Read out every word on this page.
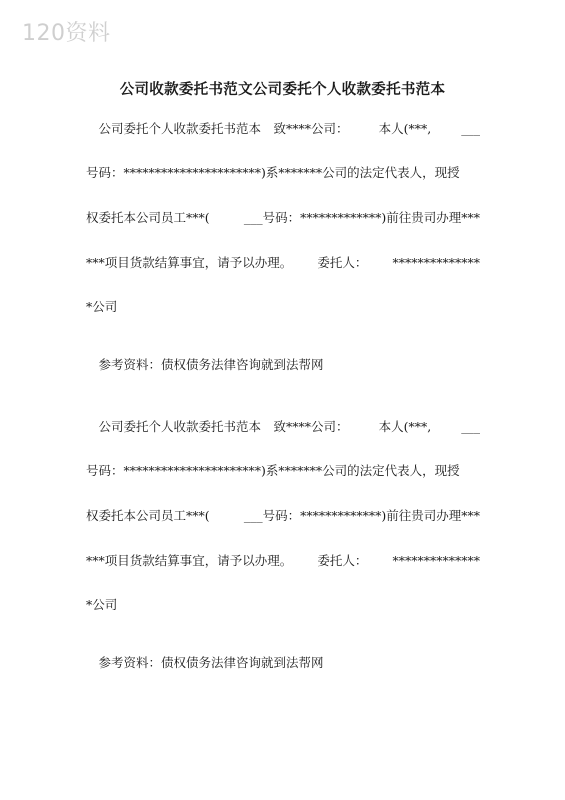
120资料
公司收款委托书范文公司委托个人收款委托书范本
　公司委托个人收款委托书范本　致****公司： 本人(***, ___
号码：**********************)系*******公司的法定代表人，现授
权委托本公司员工***(	___号码：*************)前往贵司办理***
***项目货款结算事宜，请予以办理。 委托人： **************
*公司
　参考资料：债权债务法律咨询就到法帮网
　公司委托个人收款委托书范本　致****公司： 本人(***, ___
号码：**********************)系*******公司的法定代表人，现授
权委托本公司员工***(	___号码：*************)前往贵司办理***
***项目货款结算事宜，请予以办理。 委托人： **************
*公司
　参考资料：债权债务法律咨询就到法帮网
